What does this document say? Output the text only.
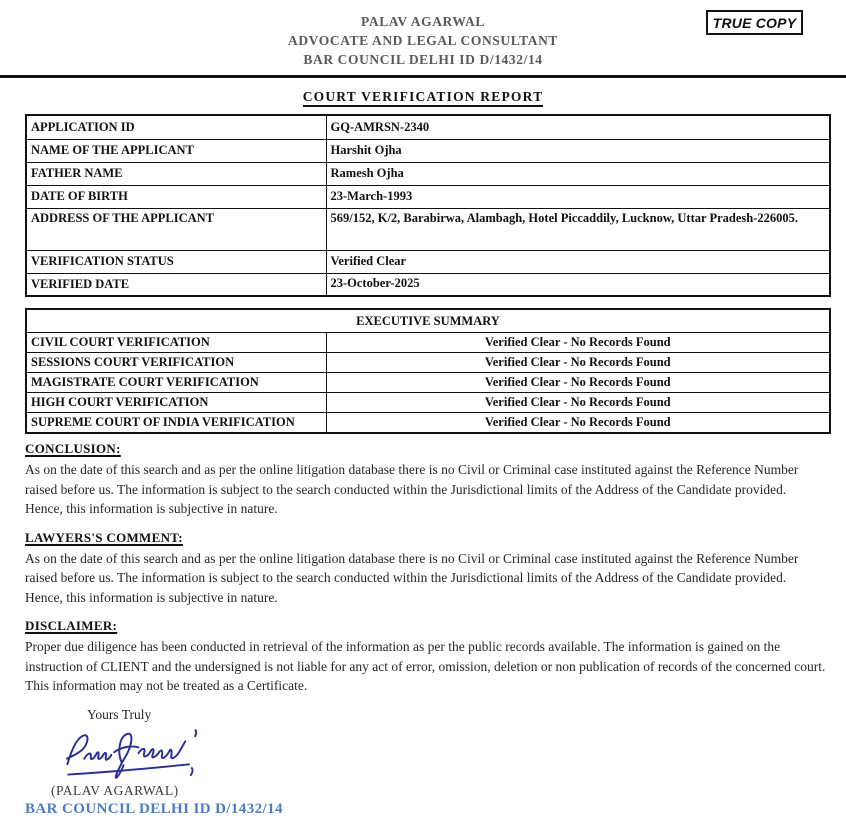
PALAV AGARWAL
ADVOCATE AND LEGAL CONSULTANT
BAR COUNCIL DELHI ID D/1432/14
TRUE COPY
COURT VERIFICATION REPORT
APPLICATION ID	GQ-AMRSN-2340
NAME OF THE APPLICANT	Harshit Ojha
FATHER NAME	Ramesh Ojha
DATE OF BIRTH	23-March-1993
ADDRESS OF THE APPLICANT	569/152, K/2, Barabirwa, Alambagh, Hotel Piccaddily, Lucknow, Uttar Pradesh-226005.
VERIFICATION STATUS	Verified Clear
VERIFIED DATE	23-October-2025
EXECUTIVE SUMMARY	
CIVIL COURT VERIFICATION	Verified Clear - No Records Found
SESSIONS COURT VERIFICATION	Verified Clear - No Records Found
MAGISTRATE COURT VERIFICATION	Verified Clear - No Records Found
HIGH COURT VERIFICATION	Verified Clear - No Records Found
SUPREME COURT OF INDIA VERIFICATION	Verified Clear - No Records Found
CONCLUSION:

As on the date of this search and as per the online litigation database there is no Civil or Criminal case instituted against the Reference Number raised before us. The information is subject to the search conducted within the Jurisdictional limits of the Address of the Candidate provided. Hence, this information is subjective in nature.

LAWYERS'S COMMENT:

As on the date of this search and as per the online litigation database there is no Civil or Criminal case instituted against the Reference Number raised before us. The information is subject to the search conducted within the Jurisdictional limits of the Address of the Candidate provided. Hence, this information is subjective in nature.

DISCLAIMER:

Proper due diligence has been conducted in retrieval of the information as per the public records available. The information is gained on the instruction of CLIENT and the undersigned is not liable for any act of error, omission, deletion or non publication of records of the concerned court. This information may not be treated as a Certificate.

Yours Truly
(PALAV AGARWAL)
BAR COUNCIL DELHI ID D/1432/14
